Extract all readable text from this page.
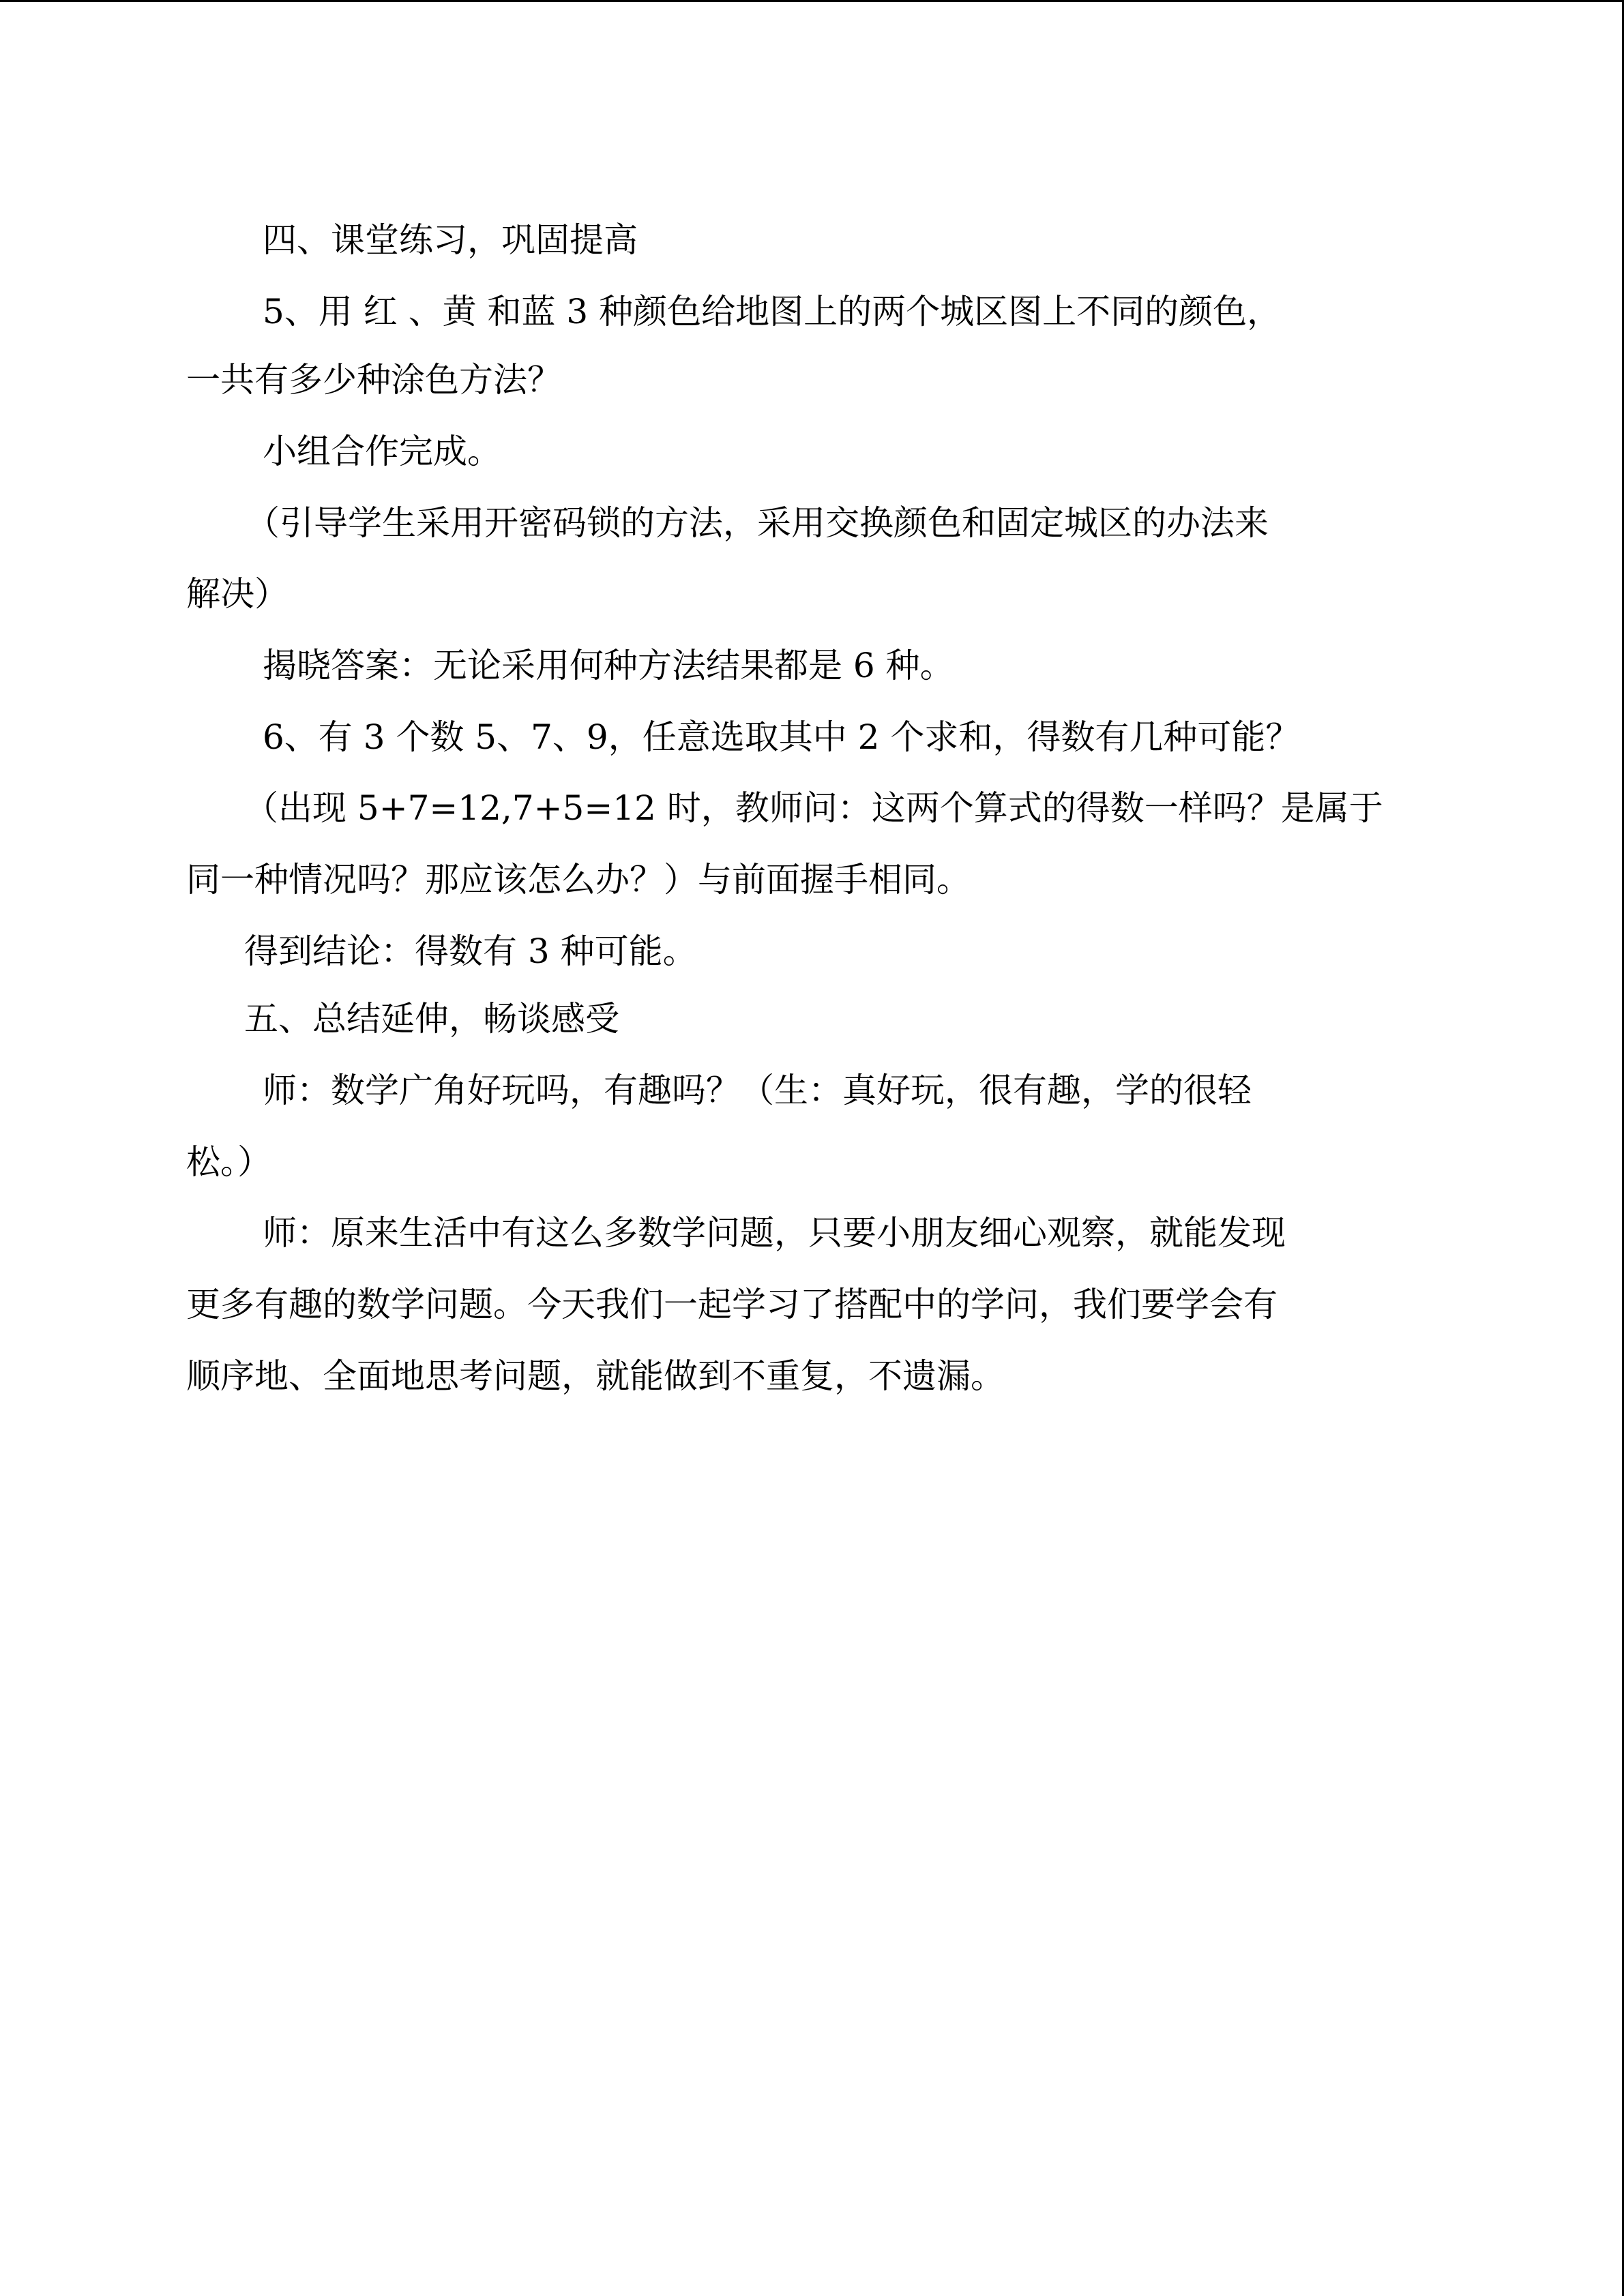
四、课堂练习，巩固提高

5、用 红 、黄 和蓝 3 种颜色给地图上的两个城区图上不同的颜色，

一共有多少种涂色方法？

小组合作完成。

（引导学生采用开密码锁的方法，采用交换颜色和固定城区的办法来

解决）

揭晓答案：无论采用何种方法结果都是 6 种。

6、有 3 个数 5、7、9，任意选取其中 2 个求和，得数有几种可能？

（出现 5+7=12,7+5=12 时，教师问：这两个算式的得数一样吗？是属于

同一种情况吗？那应该怎么办？）与前面握手相同。

得到结论：得数有 3 种可能。

五、总结延伸，畅谈感受

师：数学广角好玩吗，有趣吗？（生：真好玩，很有趣，学的很轻

松。）

师：原来生活中有这么多数学问题，只要小朋友细心观察，就能发现

更多有趣的数学问题。今天我们一起学习了搭配中的学问，我们要学会有

顺序地、全面地思考问题，就能做到不重复，不遗漏。
